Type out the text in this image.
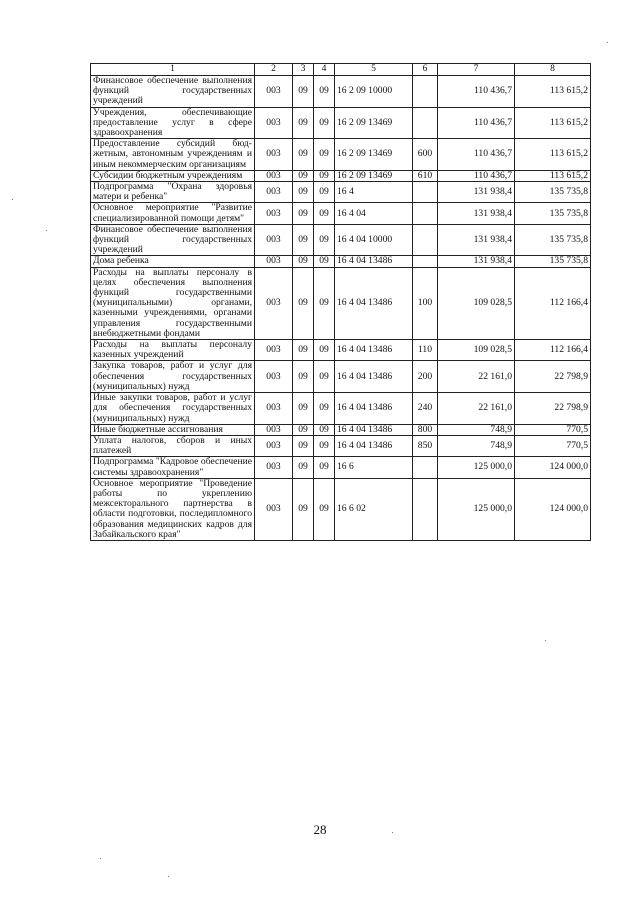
1	2	3	4	5	6	7	8
Финансовое обеспечение выполнения функций государственных учреждений	003	09	09	16 2 09 10000		110 436,7	113 615,2
Учреждения, обеспечивающие предоставление услуг в сфере здравоохранения	003	09	09	16 2 09 13469		110 436,7	113 615,2
Предоставление субсидий бюджетным, автономным учреждениям и иным некоммерческим организациям	003	09	09	16 2 09 13469	600	110 436,7	113 615,2
Субсидии бюджетным учреждениям	003	09	09	16 2 09 13469	610	110 436,7	113 615,2
Подпрограмма "Охрана здоровья матери и ребенка"	003	09	09	16 4		131 938,4	135 735,8
Основное мероприятие "Развитие специализированной помощи детям"	003	09	09	16 4 04		131 938,4	135 735,8
Финансовое обеспечение выполнения функций государственных учреждений	003	09	09	16 4 04 10000		131 938,4	135 735,8
Дома ребенка	003	09	09	16 4 04 13486		131 938,4	135 735,8
Расходы на выплаты персоналу в целях обеспечения выполнения функций государственными (муниципальными) органами, казенными учреждениями, органами управления государственными внебюджетными фондами	003	09	09	16 4 04 13486	100	109 028,5	112 166,4
Расходы на выплаты персоналу казенных учреждений	003	09	09	16 4 04 13486	110	109 028,5	112 166,4
Закупка товаров, работ и услуг для обеспечения государственных (муниципальных) нужд	003	09	09	16 4 04 13486	200	22 161,0	22 798,9
Иные закупки товаров, работ и услуг для обеспечения государственных (муниципальных) нужд	003	09	09	16 4 04 13486	240	22 161,0	22 798,9
Иные бюджетные ассигнования	003	09	09	16 4 04 13486	800	748,9	770,5
Уплата налогов, сборов и иных платежей	003	09	09	16 4 04 13486	850	748,9	770,5
Подпрограмма "Кадровое обеспечение системы здравоохранения"	003	09	09	16 6		125 000,0	124 000,0
Основное мероприятие "Проведение работы по укреплению межсекторального партнерства в области подготовки, последипломного образования медицинских кадров для Забайкальского края"	003	09	09	16 6 02		125 000,0	124 000,0
28
